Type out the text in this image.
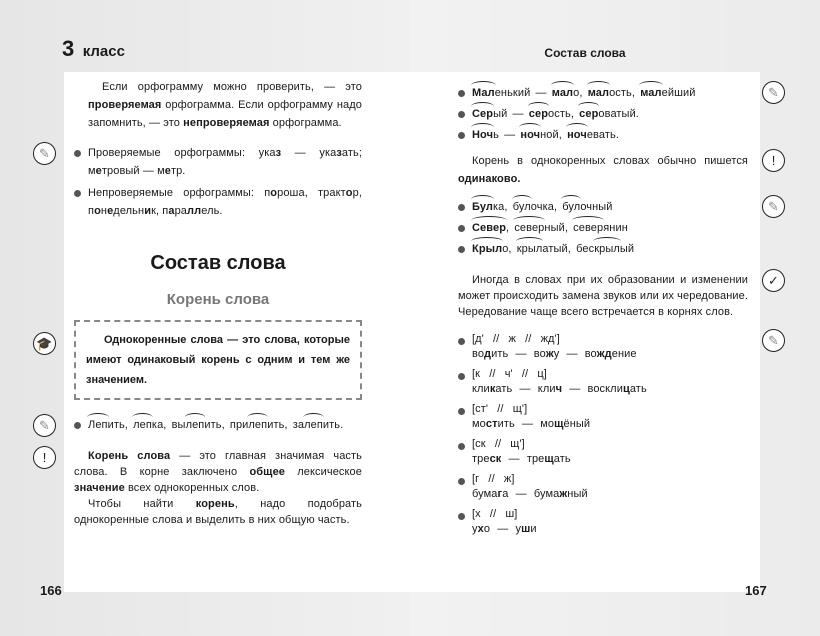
3 класс
Если орфограмму можно проверить, — это проверяемая орфограмма. Если орфограмму надо запомнить, — это непроверяемая орфограмма.
✎	Проверяемые орфограммы: указ — указать; метровый — метр.
Непроверяемые орфограммы: пороша, трактор, понедельник, параллель.
Состав слова
Корень слова
🎓	Однокоренные слова — это слова, которые имеют одинаковый корень с одним и тем же значением.
✎	Лепить, лепка, вылепить, прилепить, залепить.
!	Корень слова — это главная значимая часть слова. В корне заключено общее лексическое значение всех однокоренных слов.
Чтобы найти корень, надо подобрать однокоренные слова и выделить в них общую часть.
166
Состав слова
✎
Маленький — мало, малость, малейший
Серый — серость, сероватый.
Ночь — ночной, ночевать.
!
Корень в однокоренных словах обычно пишется одинаково.
✎
Булка, булочка, булочный
Север, северный, северянин
Крыло, крылатый, бескрылый
✓
Иногда в словах при их образовании и изменении может происходить замена звуков или их чередование. Чередование чаще всего встречается в корнях слов.
✎
[д' // ж // жд']
водить — вожу — вождение
[к // ч' // ц]
кликать — клич — восклицать
[ст' // щ']
мостить — мощёный
[ск // щ']
треск — трещать
[г // ж]
бумага — бумажный
[х // ш]
ухо — уши
167
